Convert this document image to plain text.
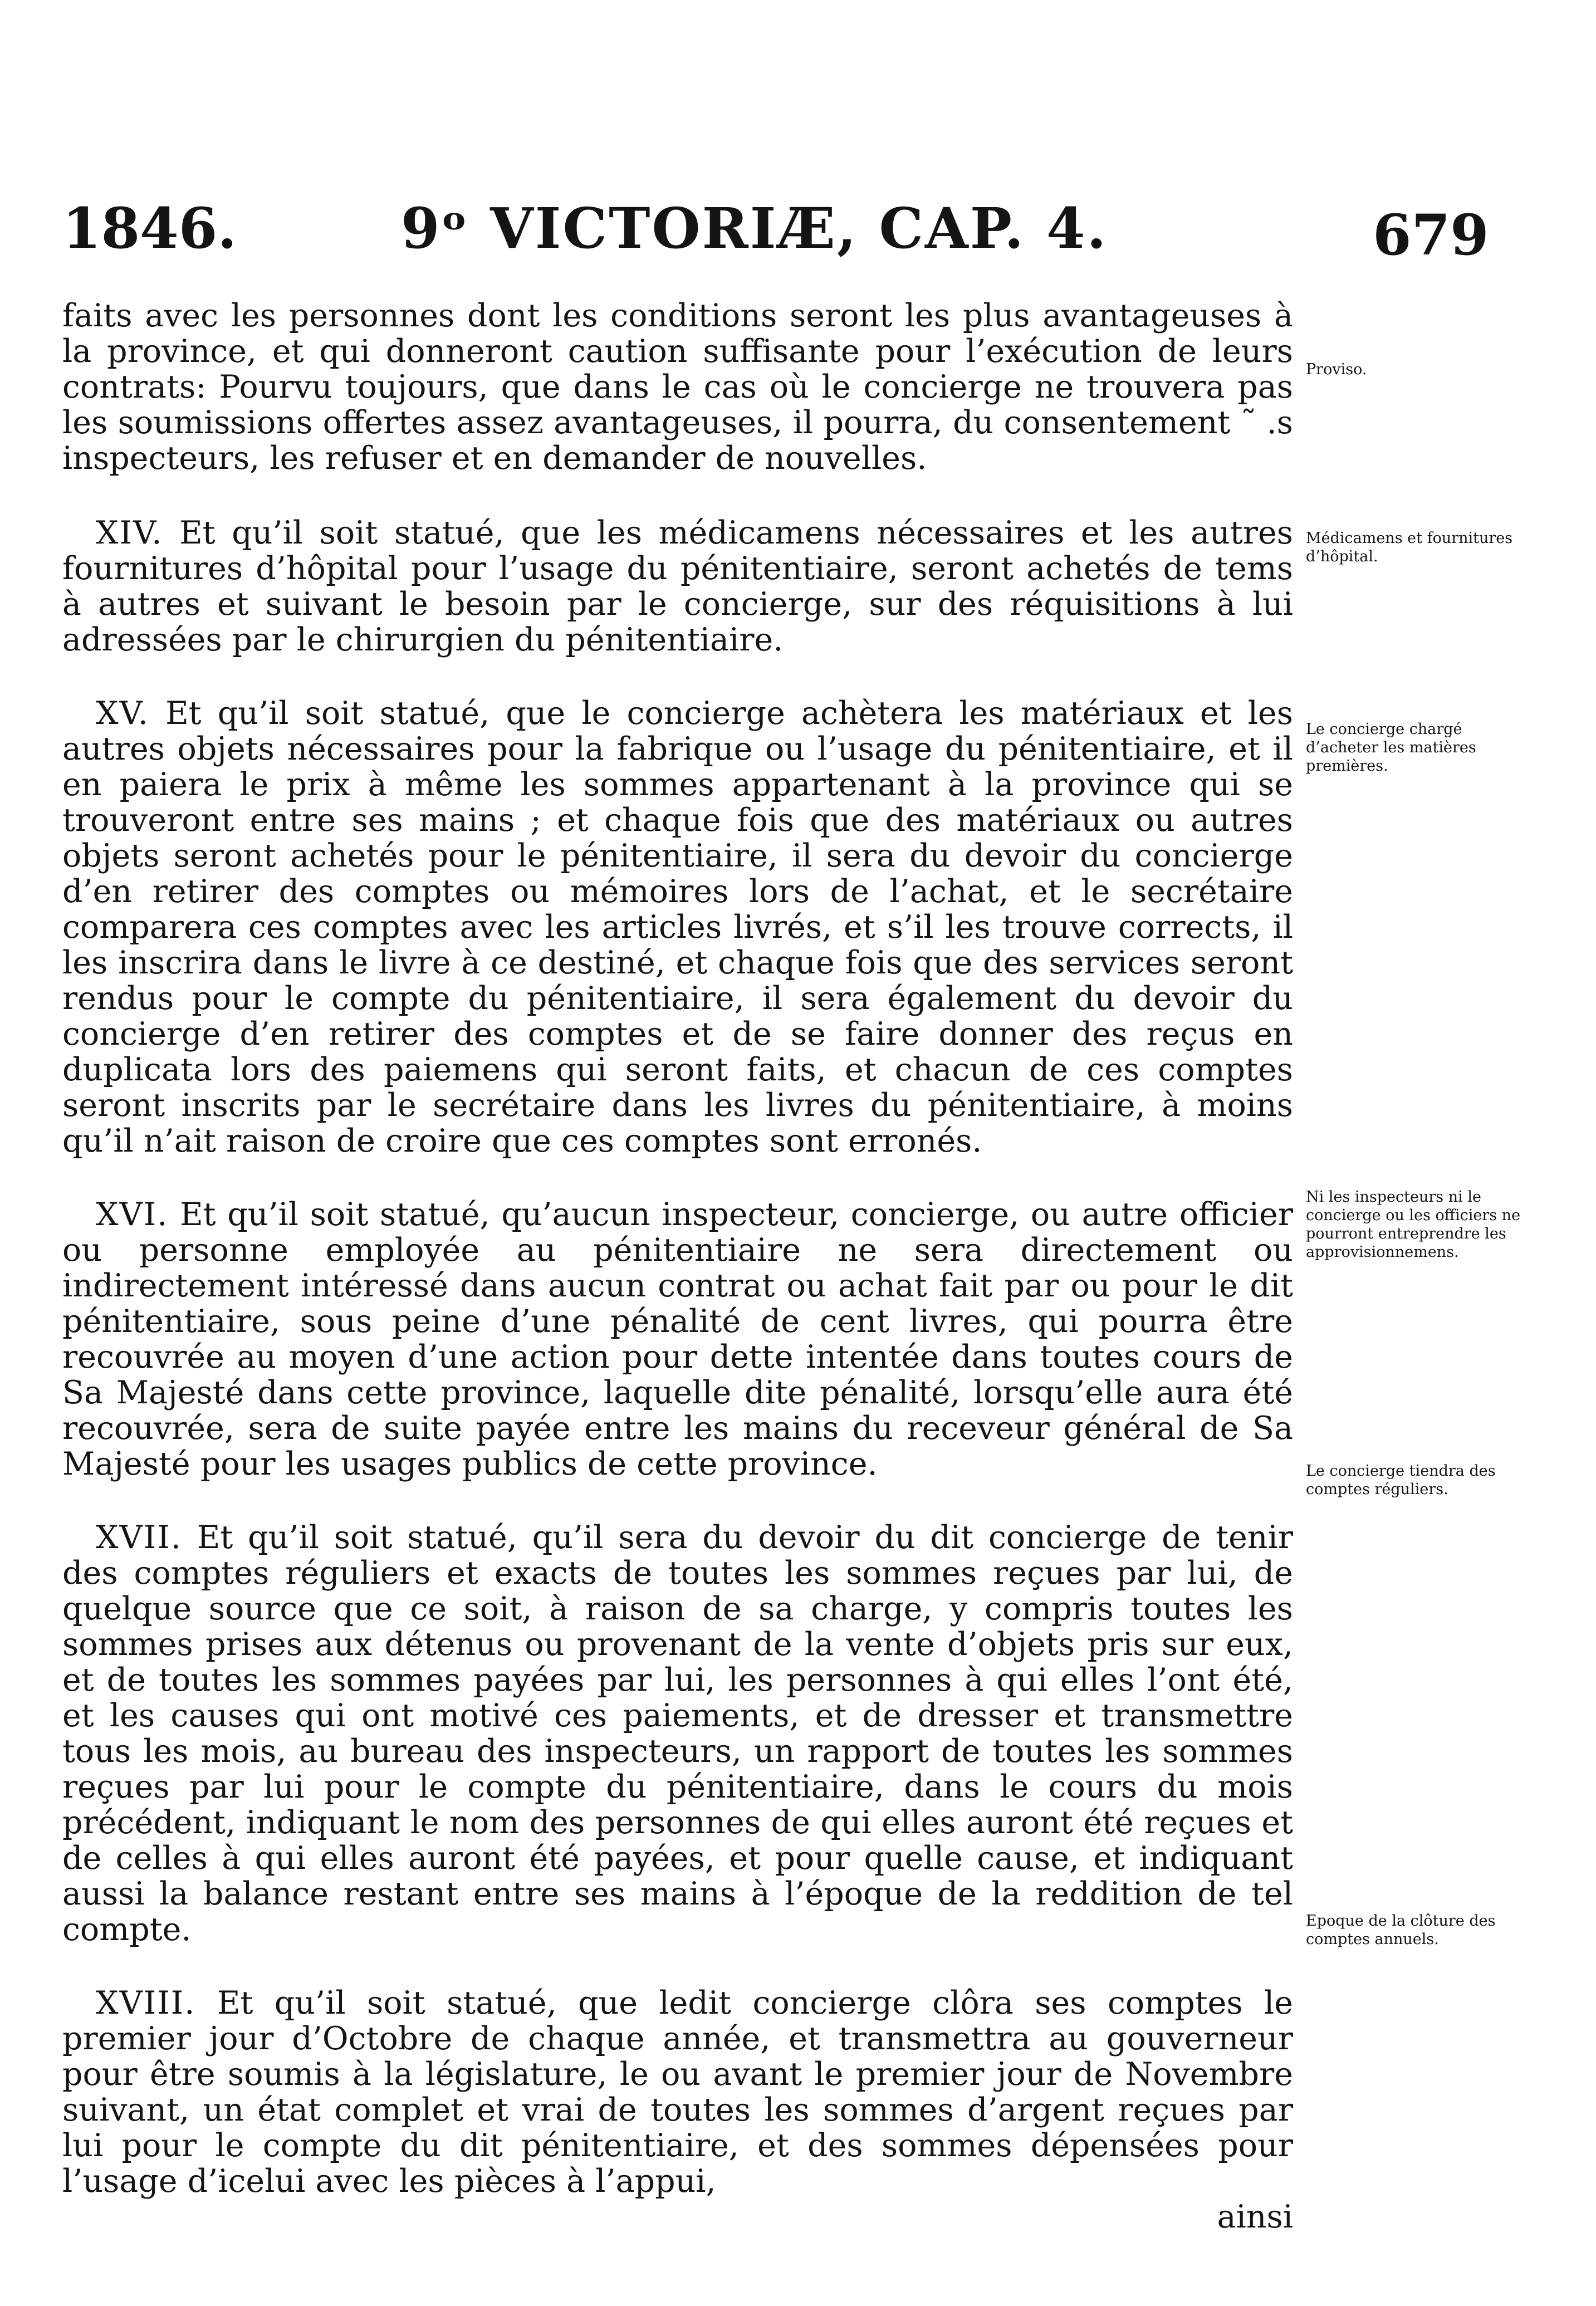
1846.	9ᵒ VICTORIÆ, CAP. 4.	679

faits avec les personnes dont les conditions seront les plus avantageuses à la province, et qui donneront caution suffisante pour l’exécution de leurs contrats: Pourvu toujours, que dans le cas où le concierge ne trouvera pas les soumissions offertes assez avantageuses, il pourra, du consentement ˜ .s inspecteurs, les refuser et en demander de nouvelles.

XIV. Et qu’il soit statué, que les médicamens nécessaires et les autres fournitures d’hôpital pour l’usage du pénitentiaire, seront achetés de tems à autres et suivant le besoin par le concierge, sur des réquisitions à lui adressées par le chirurgien du pénitentiaire.

XV. Et qu’il soit statué, que le concierge achètera les matériaux et les autres objets nécessaires pour la fabrique ou l’usage du pénitentiaire, et il en paiera le prix à même les sommes appartenant à la province qui se trouveront entre ses mains ; et chaque fois que des matériaux ou autres objets seront achetés pour le pénitentiaire, il sera du devoir du concierge d’en retirer des comptes ou mémoires lors de l’achat, et le secrétaire comparera ces comptes avec les articles livrés, et s’il les trouve corrects, il les inscrira dans le livre à ce destiné, et chaque fois que des services seront rendus pour le compte du pénitentiaire, il sera également du devoir du concierge d’en retirer des comptes et de se faire donner des reçus en duplicata lors des paiemens qui seront faits, et chacun de ces comptes seront inscrits par le secrétaire dans les livres du pénitentiaire, à moins qu’il n’ait raison de croire que ces comptes sont erronés.

XVI. Et qu’il soit statué, qu’aucun inspecteur, concierge, ou autre officier ou personne employée au pénitentiaire ne sera directement ou indirectement intéressé dans aucun contrat ou achat fait par ou pour le dit pénitentiaire, sous peine d’une pénalité de cent livres, qui pourra être recouvrée au moyen d’une action pour dette intentée dans toutes cours de Sa Majesté dans cette province, laquelle dite pénalité, lorsqu’elle aura été recouvrée, sera de suite payée entre les mains du receveur général de Sa Majesté pour les usages publics de cette province.

XVII. Et qu’il soit statué, qu’il sera du devoir du dit concierge de tenir des comptes réguliers et exacts de toutes les sommes reçues par lui, de quelque source que ce soit, à raison de sa charge, y compris toutes les sommes prises aux détenus ou provenant de la vente d’objets pris sur eux, et de toutes les sommes payées par lui, les personnes à qui elles l’ont été, et les causes qui ont motivé ces paiements, et de dresser et transmettre tous les mois, au bureau des inspecteurs, un rapport de toutes les sommes reçues par lui pour le compte du pénitentiaire, dans le cours du mois précédent, indiquant le nom des personnes de qui elles auront été reçues et de celles à qui elles auront été payées, et pour quelle cause, et indiquant aussi la balance restant entre ses mains à l’époque de la reddition de tel compte.

XVIII. Et qu’il soit statué, que ledit concierge clôra ses comptes le premier jour d’Octobre de chaque année, et transmettra au gouverneur pour être soumis à la législature, le ou avant le premier jour de Novembre suivant, un état complet et vrai de toutes les sommes d’argent reçues par lui pour le compte du dit pénitentiaire, et des sommes dépensées pour l’usage d’icelui avec les pièces à l’appui,

ainsi

Proviso.
Médicamens et fournitures d’hôpital.
Le concierge chargé d’acheter les matières premières.
Ni les inspecteurs ni le concierge ou les officiers ne pourront entreprendre les approvisionnemens.
Le concierge tiendra des comptes réguliers.
Epoque de la clôture des comptes annuels.
